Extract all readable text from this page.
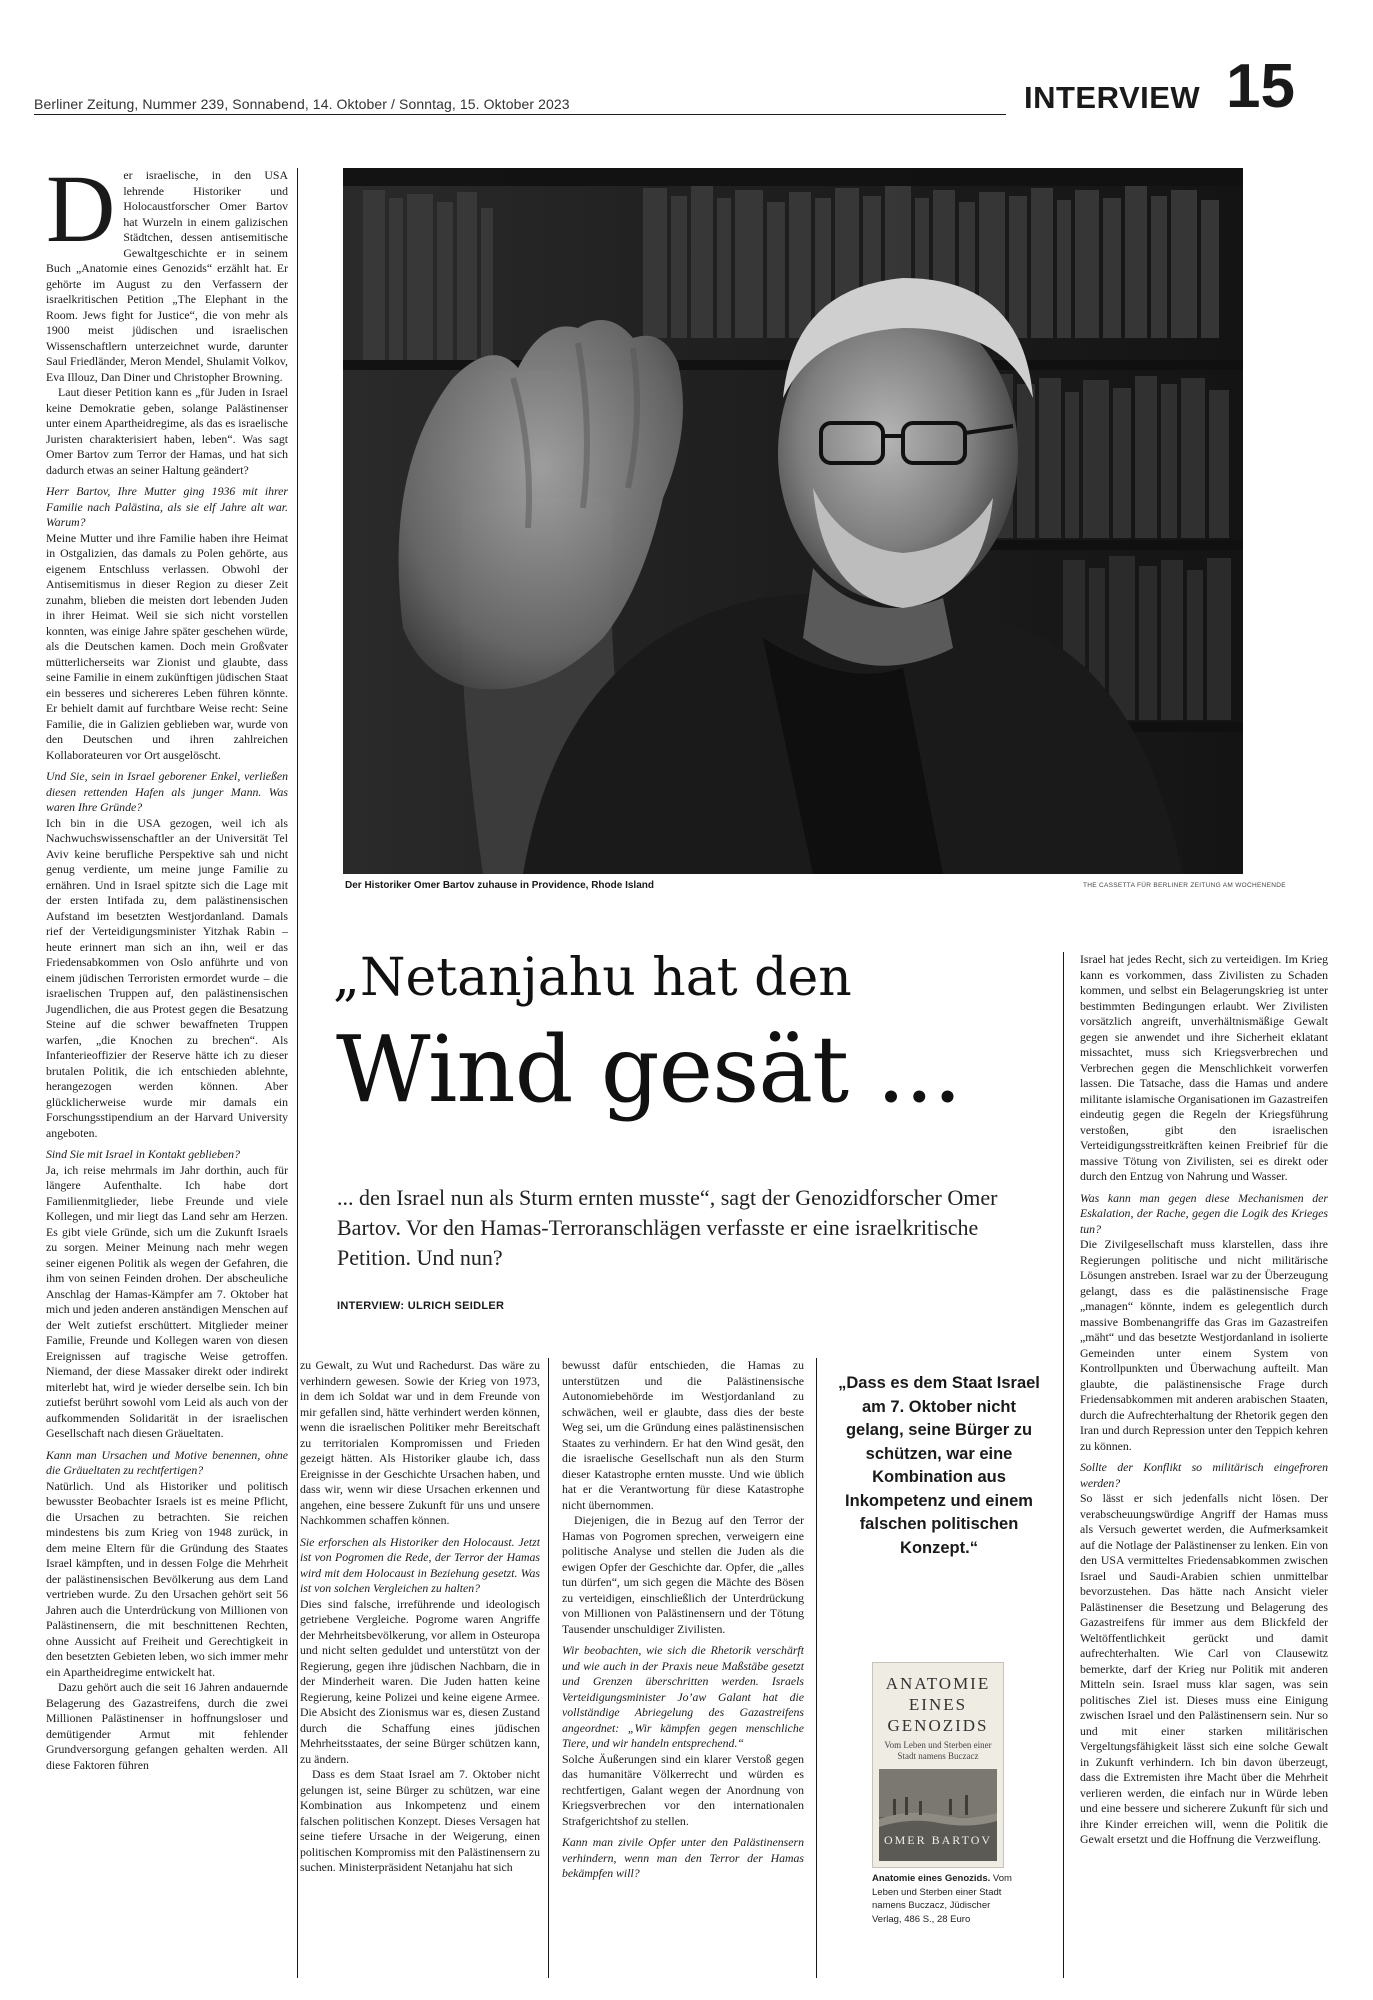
Berliner Zeitung, Nummer 239, Sonnabend, 14. Oktober / Sonntag, 15. Oktober 2023	INTERVIEW 15
D er israelische, in den USA lehrende Historiker und Holocaustforscher Omer Bartov hat Wurzeln in einem galizischen Städtchen, dessen antisemitische Gewaltgeschichte er in seinem Buch „Anatomie eines Genozids“ erzählt hat. Er gehörte im August zu den Verfassern der israelkritischen Petition „The Elephant in the Room. Jews fight for Justice“, die von mehr als 1900 meist jüdischen und israelischen Wissenschaftlern unterzeichnet wurde, darunter Saul Friedländer, Meron Mendel, Shulamit Volkov, Eva Illouz, Dan Diner und Christopher Browning.

Laut dieser Petition kann es „für Juden in Israel keine Demokratie geben, solange Palästinenser unter einem Apartheidregime, als das es israelische Juristen charakterisiert haben, leben“. Was sagt Omer Bartov zum Terror der Hamas, und hat sich dadurch etwas an seiner Haltung geändert?

Herr Bartov, Ihre Mutter ging 1936 mit ihrer Familie nach Palästina, als sie elf Jahre alt war. Warum?

Meine Mutter und ihre Familie haben ihre Heimat in Ostgalizien, das damals zu Polen gehörte, aus eigenem Entschluss verlassen. Obwohl der Antisemitismus in dieser Region zu dieser Zeit zunahm, blieben die meisten dort lebenden Juden in ihrer Heimat. Weil sie sich nicht vorstellen konnten, was einige Jahre später geschehen würde, als die Deutschen kamen. Doch mein Großvater mütterlicherseits war Zionist und glaubte, dass seine Familie in einem zukünftigen jüdischen Staat ein besseres und sichereres Leben führen könnte. Er behielt damit auf furchtbare Weise recht: Seine Familie, die in Galizien geblieben war, wurde von den Deutschen und ihren zahlreichen Kollaborateuren vor Ort ausgelöscht.

Und Sie, sein in Israel geborener Enkel, verließen diesen rettenden Hafen als junger Mann. Was waren Ihre Gründe?

Ich bin in die USA gezogen, weil ich als Nachwuchswissenschaftler an der Universität Tel Aviv keine berufliche Perspektive sah und nicht genug verdiente, um meine junge Familie zu ernähren. Und in Israel spitzte sich die Lage mit der ersten Intifada zu, dem palästinensischen Aufstand im besetzten Westjordanland. Damals rief der Verteidigungsminister Yitzhak Rabin – heute erinnert man sich an ihn, weil er das Friedensabkommen von Oslo anführte und von einem jüdischen Terroristen ermordet wurde – die israelischen Truppen auf, den palästinensischen Jugendlichen, die aus Protest gegen die Besatzung Steine auf die schwer bewaffneten Truppen warfen, „die Knochen zu brechen“. Als Infanterieoffizier der Reserve hätte ich zu dieser brutalen Politik, die ich entschieden ablehnte, herangezogen werden können. Aber glücklicherweise wurde mir damals ein Forschungsstipendium an der Harvard University angeboten.

Sind Sie mit Israel in Kontakt geblieben?

Ja, ich reise mehrmals im Jahr dorthin, auch für längere Aufenthalte. Ich habe dort Familienmitglieder, liebe Freunde und viele Kollegen, und mir liegt das Land sehr am Herzen. Es gibt viele Gründe, sich um die Zukunft Israels zu sorgen. Meiner Meinung nach mehr wegen seiner eigenen Politik als wegen der Gefahren, die ihm von seinen Feinden drohen. Der abscheuliche Anschlag der Hamas-Kämpfer am 7. Oktober hat mich und jeden anderen anständigen Menschen auf der Welt zutiefst erschüttert. Mitglieder meiner Familie, Freunde und Kollegen waren von diesen Ereignissen auf tragische Weise getroffen. Niemand, der diese Massaker direkt oder indirekt miterlebt hat, wird je wieder derselbe sein. Ich bin zutiefst berührt sowohl vom Leid als auch von der aufkommenden Solidarität in der israelischen Gesellschaft nach diesen Gräueltaten.

Kann man Ursachen und Motive benennen, ohne die Gräueltaten zu rechtfertigen?

Natürlich. Und als Historiker und politisch bewusster Beobachter Israels ist es meine Pflicht, die Ursachen zu betrachten. Sie reichen mindestens bis zum Krieg von 1948 zurück, in dem meine Eltern für die Gründung des Staates Israel kämpften, und in dessen Folge die Mehrheit der palästinensischen Bevölkerung aus dem Land vertrieben wurde. Zu den Ursachen gehört seit 56 Jahren auch die Unterdrückung von Millionen von Palästinensern, die mit beschnittenen Rechten, ohne Aussicht auf Freiheit und Gerechtigkeit in den besetzten Gebieten leben, wo sich immer mehr ein Apartheidregime entwickelt hat.

Dazu gehört auch die seit 16 Jahren andauernde Belagerung des Gazastreifens, durch die zwei Millionen Palästinenser in hoffnungsloser und demütigender Armut mit fehlender Grundversorgung gefangen gehalten werden. All diese Faktoren führen

Der Historiker Omer Bartov zuhause in Providence, Rhode Island	THE CASSETTA FÜR BERLINER ZEITUNG AM WOCHENENDE
„Netanjahu hat den
Wind gesät ...
... den Israel nun als Sturm ernten musste“, sagt der Genozidforscher Omer Bartov. Vor den Hamas-Terroranschlägen verfasste er eine israelkritische Petition. Und nun?
INTERVIEW: ULRICH SEIDLER

zu Gewalt, zu Wut und Rachedurst. Das wäre zu verhindern gewesen. Sowie der Krieg von 1973, in dem ich Soldat war und in dem Freunde von mir gefallen sind, hätte verhindert werden können, wenn die israelischen Politiker mehr Bereitschaft zu territorialen Kompromissen und Frieden gezeigt hätten. Als Historiker glaube ich, dass Ereignisse in der Geschichte Ursachen haben, und dass wir, wenn wir diese Ursachen erkennen und angehen, eine bessere Zukunft für uns und unsere Nachkommen schaffen können.

Sie erforschen als Historiker den Holocaust. Jetzt ist von Pogromen die Rede, der Terror der Hamas wird mit dem Holocaust in Beziehung gesetzt. Was ist von solchen Vergleichen zu halten?

Dies sind falsche, irreführende und ideologisch getriebene Vergleiche. Pogrome waren Angriffe der Mehrheitsbevölkerung, vor allem in Osteuropa und nicht selten geduldet und unterstützt von der Regierung, gegen ihre jüdischen Nachbarn, die in der Minderheit waren. Die Juden hatten keine Regierung, keine Polizei und keine eigene Armee. Die Absicht des Zionismus war es, diesen Zustand durch die Schaffung eines jüdischen Mehrheitsstaates, der seine Bürger schützen kann, zu ändern.

Dass es dem Staat Israel am 7. Oktober nicht gelungen ist, seine Bürger zu schützen, war eine Kombination aus Inkompetenz und einem falschen politischen Konzept. Dieses Versagen hat seine tiefere Ursache in der Weigerung, einen politischen Kompromiss mit den Palästinensern zu suchen. Ministerpräsident Netanjahu hat sich

bewusst dafür entschieden, die Hamas zu unterstützen und die Palästinensische Autonomiebehörde im Westjordanland zu schwächen, weil er glaubte, dass dies der beste Weg sei, um die Gründung eines palästinensischen Staates zu verhindern. Er hat den Wind gesät, den die israelische Gesellschaft nun als den Sturm dieser Katastrophe ernten musste. Und wie üblich hat er die Verantwortung für diese Katastrophe nicht übernommen.

Diejenigen, die in Bezug auf den Terror der Hamas von Pogromen sprechen, verweigern eine politische Analyse und stellen die Juden als die ewigen Opfer der Geschichte dar. Opfer, die „alles tun dürfen“, um sich gegen die Mächte des Bösen zu verteidigen, einschließlich der Unterdrückung von Millionen von Palästinensern und der Tötung Tausender unschuldiger Zivilisten.

Wir beobachten, wie sich die Rhetorik verschärft und wie auch in der Praxis neue Maßstäbe gesetzt und Grenzen überschritten werden. Israels Verteidigungsminister Jo’aw Galant hat die vollständige Abriegelung des Gazastreifens angeordnet: „Wir kämpfen gegen menschliche Tiere, und wir handeln entsprechend.“

Solche Äußerungen sind ein klarer Verstoß gegen das humanitäre Völkerrecht und würden es rechtfertigen, Galant wegen der Anordnung von Kriegsverbrechen vor den internationalen Strafgerichtshof zu stellen.

Kann man zivile Opfer unter den Palästinensern verhindern, wenn man den Terror der Hamas bekämpfen will?

„Dass es dem Staat Israel am 7. Oktober nicht gelang, seine Bürger zu schützen, war eine Kombination aus Inkompetenz und einem falschen politischen Konzept.“
ANATOMIE
EINES
GENOZIDS
Vom Leben und Sterben einer Stadt namens Buczacz
OMER BARTOV
Anatomie eines Genozids. Vom Leben und Sterben einer Stadt namens Buczacz, Jüdischer Verlag, 486 S., 28 Euro

Israel hat jedes Recht, sich zu verteidigen. Im Krieg kann es vorkommen, dass Zivilisten zu Schaden kommen, und selbst ein Belagerungskrieg ist unter bestimmten Bedingungen erlaubt. Wer Zivilisten vorsätzlich angreift, unverhältnismäßige Gewalt gegen sie anwendet und ihre Sicherheit eklatant missachtet, muss sich Kriegsverbrechen und Verbrechen gegen die Menschlichkeit vorwerfen lassen. Die Tatsache, dass die Hamas und andere militante islamische Organisationen im Gazastreifen eindeutig gegen die Regeln der Kriegsführung verstoßen, gibt den israelischen Verteidigungsstreitkräften keinen Freibrief für die massive Tötung von Zivilisten, sei es direkt oder durch den Entzug von Nahrung und Wasser.

Was kann man gegen diese Mechanismen der Eskalation, der Rache, gegen die Logik des Krieges tun?

Die Zivilgesellschaft muss klarstellen, dass ihre Regierungen politische und nicht militärische Lösungen anstreben. Israel war zu der Überzeugung gelangt, dass es die palästinensische Frage „managen“ könnte, indem es gelegentlich durch massive Bombenangriffe das Gras im Gazastreifen „mäht“ und das besetzte Westjordanland in isolierte Gemeinden unter einem System von Kontrollpunkten und Überwachung aufteilt. Man glaubte, die palästinensische Frage durch Friedensabkommen mit anderen arabischen Staaten, durch die Aufrechterhaltung der Rhetorik gegen den Iran und durch Repression unter den Teppich kehren zu können.

Sollte der Konflikt so militärisch eingefroren werden?

So lässt er sich jedenfalls nicht lösen. Der verabscheuungswürdige Angriff der Hamas muss als Versuch gewertet werden, die Aufmerksamkeit auf die Notlage der Palästinenser zu lenken. Ein von den USA vermitteltes Friedensabkommen zwischen Israel und Saudi-Arabien schien unmittelbar bevorzustehen. Das hätte nach Ansicht vieler Palästinenser die Besetzung und Belagerung des Gazastreifens für immer aus dem Blickfeld der Weltöffentlichkeit gerückt und damit aufrechterhalten. Wie Carl von Clausewitz bemerkte, darf der Krieg nur Politik mit anderen Mitteln sein. Israel muss klar sagen, was sein politisches Ziel ist. Dieses muss eine Einigung zwischen Israel und den Palästinensern sein. Nur so und mit einer starken militärischen Vergeltungsfähigkeit lässt sich eine solche Gewalt in Zukunft verhindern. Ich bin davon überzeugt, dass die Extremisten ihre Macht über die Mehrheit verlieren werden, die einfach nur in Würde leben und eine bessere und sicherere Zukunft für sich und ihre Kinder erreichen will, wenn die Politik die Gewalt ersetzt und die Hoffnung die Verzweiflung.
